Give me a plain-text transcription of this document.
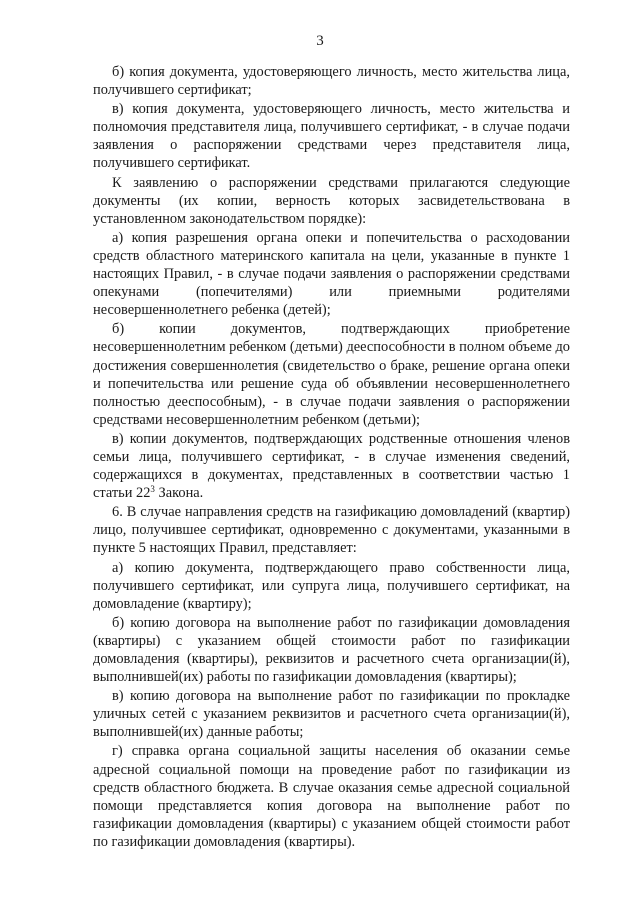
3

б) копия документа, удостоверяющего личность, место жительства лица, получившего сертификат;

в) копия документа, удостоверяющего личность, место жительства и полномочия представителя лица, получившего сертификат, - в случае подачи заявления о распоряжении средствами через представителя лица, получившего сертификат.

К заявлению о распоряжении средствами прилагаются следующие документы (их копии, верность которых засвидетельствована в установленном законодательством порядке):

а) копия разрешения органа опеки и попечительства о расходовании средств областного материнского капитала на цели, указанные в пункте 1 настоящих Правил, - в случае подачи заявления о распоряжении средствами опекунами (попечителями) или приемными родителями несовершеннолетнего ребенка (детей);

б) копии документов, подтверждающих приобретение несовершеннолетним ребенком (детьми) дееспособности в полном объеме до достижения совершеннолетия (свидетельство о браке, решение органа опеки и попечительства или решение суда об объявлении несовершеннолетнего полностью дееспособным), - в случае подачи заявления о распоряжении средствами несовершеннолетним ребенком (детьми);

в) копии документов, подтверждающих родственные отношения членов семьи лица, получившего сертификат, - в случае изменения сведений, содержащихся в документах, представленных в соответствии частью 1 статьи $22^3$ Закона.

6. В случае направления средств на газификацию домовладений (квартир) лицо, получившее сертификат, одновременно с документами, указанными в пункте 5 настоящих Правил, представляет:

а) копию документа, подтверждающего право собственности лица, получившего сертификат, или супруга лица, получившего сертификат, на домовладение (квартиру);

б) копию договора на выполнение работ по газификации домовладения (квартиры) с указанием общей стоимости работ по газификации домовладения (квартиры), реквизитов и расчетного счета организации(й), выполнившей(их) работы по газификации домовладения (квартиры);

в) копию договора на выполнение работ по газификации по прокладке уличных сетей с указанием реквизитов и расчетного счета организации(й), выполнившей(их) данные работы;

г) справка органа социальной защиты населения об оказании семье адресной социальной помощи на проведение работ по газификации из средств областного бюджета. В случае оказания семье адресной социальной помощи представляется копия договора на выполнение работ по газификации домовладения (квартиры) с указанием общей стоимости работ по газификации домовладения (квартиры).
